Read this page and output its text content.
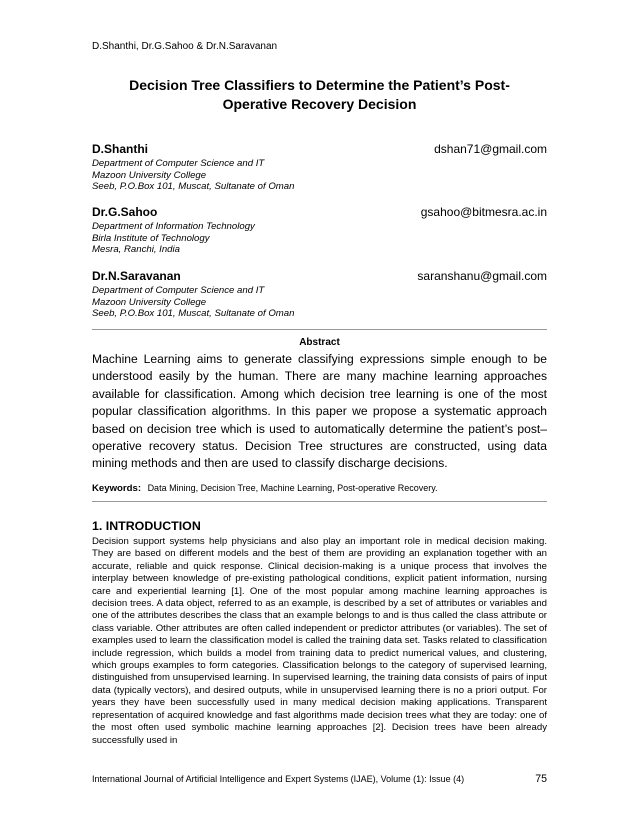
D.Shanthi, Dr.G.Sahoo & Dr.N.Saravanan
Decision Tree Classifiers to Determine the Patient’s Post-
Operative Recovery Decision
D.Shanthi	dshan71@gmail.com
Department of Computer Science and IT
Mazoon University College
Seeb, P.O.Box 101, Muscat, Sultanate of Oman
Dr.G.Sahoo	gsahoo@bitmesra.ac.in
Department of Information Technology
Birla Institute of Technology
Mesra, Ranchi, India
Dr.N.Saravanan	saranshanu@gmail.com
Department of Computer Science and IT
Mazoon University College
Seeb, P.O.Box 101, Muscat, Sultanate of Oman
Abstract
Machine Learning aims to generate classifying expressions simple enough to be understood easily by the human. There are many machine learning approaches available for classification. Among which decision tree learning is one of the most popular classification algorithms. In this paper we propose a systematic approach based on decision tree which is used to automatically determine the patient’s post–operative recovery status. Decision Tree structures are constructed, using data mining methods and then are used to classify discharge decisions.
Keywords: Data Mining, Decision Tree, Machine Learning, Post-operative Recovery.
1. INTRODUCTION
Decision support systems help physicians and also play an important role in medical decision making. They are based on different models and the best of them are providing an explanation together with an accurate, reliable and quick response. Clinical decision-making is a unique process that involves the interplay between knowledge of pre-existing pathological conditions, explicit patient information, nursing care and experiential learning [1]. One of the most popular among machine learning approaches is decision trees. A data object, referred to as an example, is described by a set of attributes or variables and one of the attributes describes the class that an example belongs to and is thus called the class attribute or class variable. Other attributes are often called independent or predictor attributes (or variables). The set of examples used to learn the classification model is called the training data set. Tasks related to classification include regression, which builds a model from training data to predict numerical values, and clustering, which groups examples to form categories. Classification belongs to the category of supervised learning, distinguished from unsupervised learning. In supervised learning, the training data consists of pairs of input data (typically vectors), and desired outputs, while in unsupervised learning there is no a priori output. For years they have been successfully used in many medical decision making applications. Transparent representation of acquired knowledge and fast algorithms made decision trees what they are today: one of the most often used symbolic machine learning approaches [2]. Decision trees have been already successfully used in
International Journal of Artificial Intelligence and Expert Systems (IJAE), Volume (1): Issue (4)	75
